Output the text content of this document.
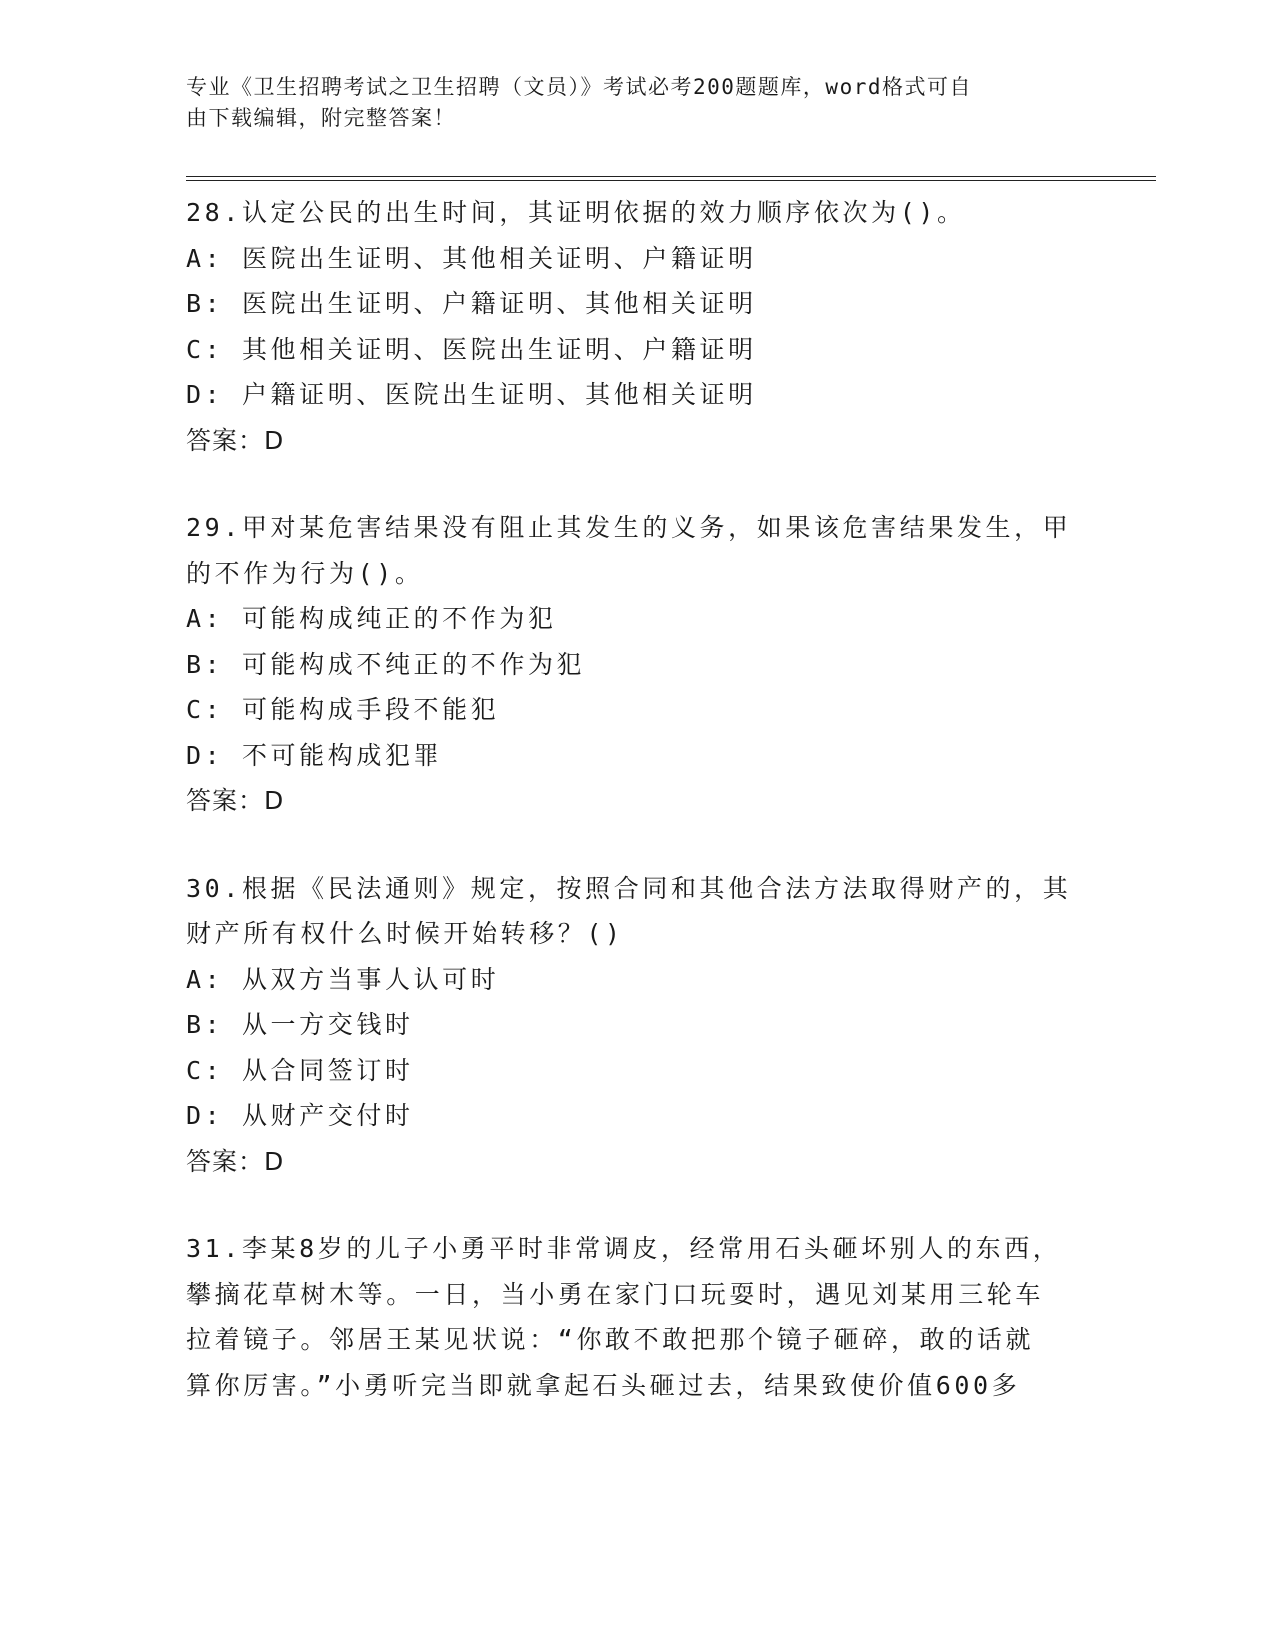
专业《卫生招聘考试之卫生招聘（文员）》考试必考200题题库，word格式可自
由下载编辑，附完整答案！
28.认定公民的出生时间，其证明依据的效力顺序依次为()。
A: 医院出生证明、其他相关证明、户籍证明
B: 医院出生证明、户籍证明、其他相关证明
C: 其他相关证明、医院出生证明、户籍证明
D: 户籍证明、医院出生证明、其他相关证明
答案：D
29.甲对某危害结果没有阻止其发生的义务，如果该危害结果发生，甲
的不作为行为()。
A: 可能构成纯正的不作为犯
B: 可能构成不纯正的不作为犯
C: 可能构成手段不能犯
D: 不可能构成犯罪
答案：D
30.根据《民法通则》规定，按照合同和其他合法方法取得财产的，其
财产所有权什么时候开始转移？()
A: 从双方当事人认可时
B: 从一方交钱时
C: 从合同签订时
D: 从财产交付时
答案：D
31.李某8岁的儿子小勇平时非常调皮，经常用石头砸坏别人的东西，
攀摘花草树木等。一日，当小勇在家门口玩耍时，遇见刘某用三轮车
拉着镜子。邻居王某见状说：“你敢不敢把那个镜子砸碎，敢的话就
算你厉害。”小勇听完当即就拿起石头砸过去，结果致使价值600多
